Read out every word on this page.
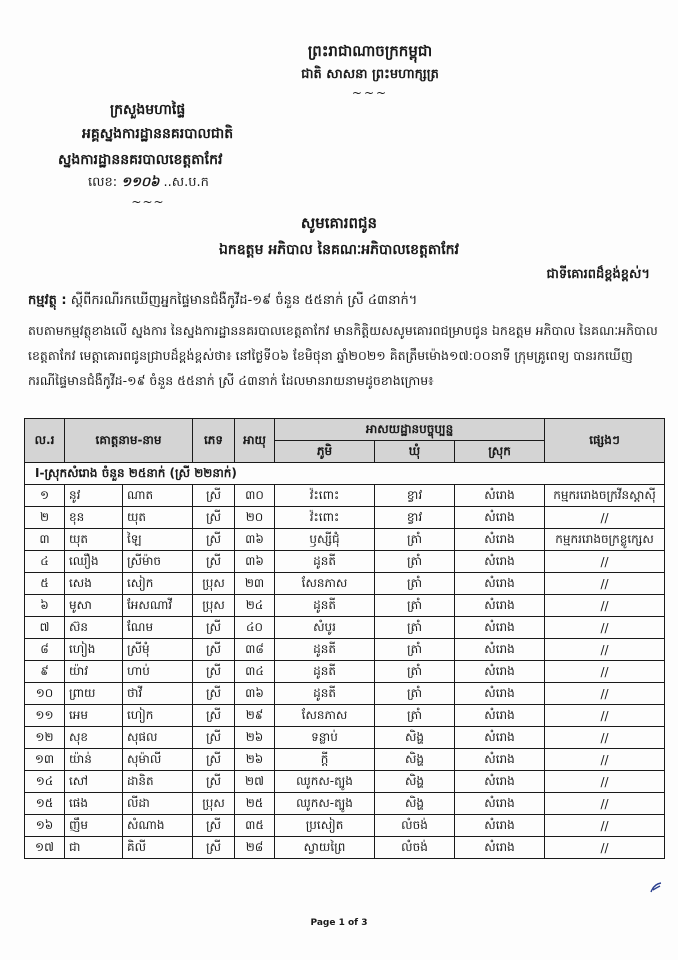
ព្រះរាជាណាចក្រកម្ពុជា
ជាតិ សាសនា ព្រះមហាក្សត្រ
~~~
ក្រសួងមហាផ្ទៃ
អគ្គស្នងការដ្ឋាននគរបាលជាតិ
ស្នងការដ្ឋាននគរបាលខេត្តតាកែវ
លេខ: ១១០៦ ..ស.ប.ក
~~~
សូមគោរពជូន
ឯកឧត្តម អភិបាល នៃគណៈអភិបាលខេត្តតាកែវ
ជាទីគោរពដ៏ខ្ពង់ខ្ពស់។
កម្មវត្ថុ : ស្តីពីករណីរកឃើញអ្នកផ្ទៃមានជំងឺកូវីដ-១៩ ចំនួន ៥៥នាក់ ស្រី ៤៣នាក់។
តបតាមកម្មវត្ថុខាងលើ ស្នងការ នៃស្នងការដ្ឋាននគរបាលខេត្តតាកែវ មានកិត្តិយសសូមគោរពជម្រាបជូន ឯកឧត្តម អភិបាល នៃគណៈអភិបាលខេត្តតាកែវ មេត្តាគោរពជូនជ្រាបដ៏ខ្ពង់ខ្ពស់ថា៖ នៅថ្ងៃទី០៦ ខែមិថុនា ឆ្នាំ២០២១ គិតត្រឹមម៉ោង១៧:០០នាទី ក្រុមគ្រូពេទ្យ បានរកឃើញករណីផ្ទៃមានជំងឺកូវីដ-១៩ ចំនួន ៥៥នាក់ ស្រី ៤៣នាក់ ដែលមានរាយនាមដូចខាងក្រោម៖
ល.រ	គោត្តនាម-នាម		ភេទ	អាយុ	អាសយដ្ឋានបច្ចុប្បន្ន			ផ្សេងៗ
					ភូមិ	ឃុំ	ស្រុក	
I-ស្រុកសំរោង ចំនួន ២៥នាក់ (ស្រី ២២នាក់)								
១	នូវ	ណាត	ស្រី	៣០	វ៉ះពោះ	ខ្វាវ	សំរោង	កម្មកររោងចក្រវីនស្តាស៊ី
២	ខុន	យុត	ស្រី	២០	វ៉ះពោះ	ខ្វាវ	សំរោង	//
៣	យុត	ឡៃ	ស្រី	៣៦	ឫស្សីជុំ	ត្រាំ	សំរោង	កម្មកររោងចក្រខ្លូក្សេស
៤	ឈឿង	ស្រីម៉ាច	ស្រី	៣៦	ដូនតី	ត្រាំ	សំរោង	//
៥	សេង	សៀក	ប្រុស	២៣	សែនភាស	ត្រាំ	សំរោង	//
៦	មូសា	អែសណាវី	ប្រុស	២៤	ដូនតី	ត្រាំ	សំរោង	//
៧	ស៊ន	ណែម	ស្រី	៤០	សំបូរ	ត្រាំ	សំរោង	//
៨	ហៀង	ស្រីមុំ	ស្រី	៣៨	ដូនតី	ត្រាំ	សំរោង	//
៩	យ៉ាវ	ហាប់	ស្រី	៣៤	ដូនតី	ត្រាំ	សំរោង	//
១០	ព្រាយ	ថាវី	ស្រី	៣៦	ដូនតី	ត្រាំ	សំរោង	//
១១	អេម	ហៀក	ស្រី	២៩	សែនភាស	ត្រាំ	សំរោង	//
១២	សុខ	សុផល	ស្រី	២៦	ទន្លាប់	សិង្ហ	សំរោង	//
១៣	យ៉ាន់	សុម៉ាលី	ស្រី	២៦	ក្តី	សិង្ហ	សំរោង	//
១៤	សៅ	ដានិត	ស្រី	២៧	ឈូកស-ត្បូង	សិង្ហ	សំរោង	//
១៥	ផេង	លីដា	ប្រុស	២៥	ឈូកស-ត្បូង	សិង្ហ	សំរោង	//
១៦	ញឹម	សំណាង	ស្រី	៣៥	ប្រសៀត	លំចង់	សំរោង	//
១៧	ជា	គិលី	ស្រី	២៨	ស្វាយព្រៃ	លំចង់	សំរោង	//
Page 1 of 3
